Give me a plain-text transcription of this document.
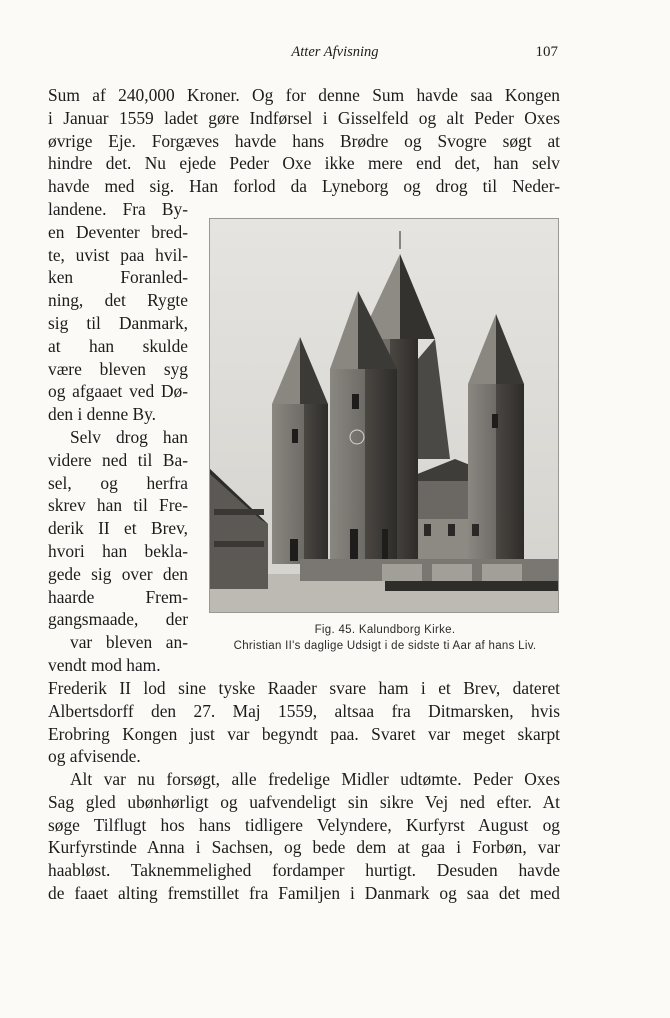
Atter Afvisning	107
Sum af 240,000 Kroner. Og for denne Sum havde saa Kongen
i Januar 1559 ladet gøre Indførsel i Gisselfeld og alt Peder Oxes
øvrige Eje. Forgæves havde hans Brødre og Svogre søgt at
hindre det. Nu ejede Peder Oxe ikke mere end det, han selv
havde med sig. Han forlod da Lyneborg og drog til Neder-
landene. Fra By-
en Deventer bred-
te, uvist paa hvil-
ken Foranled-
ning, det Rygte
sig til Danmark,
at han skulde
være bleven syg
og afgaaet ved Dø-
den i denne By.
Selv drog han
videre ned til Ba-
sel, og herfra
skrev han til Fre-
derik II et Brev,
hvori han bekla-
gede sig over den
haarde Frem-
gangsmaade, der
var bleven an-
vendt mod ham.
Fig. 45. Kalundborg Kirke.
Christian II's daglige Udsigt i de sidste ti Aar af hans Liv.
Frederik II lod sine tyske Raader svare ham i et Brev, dateret
Albertsdorff den 27. Maj 1559, altsaa fra Ditmarsken, hvis
Erobring Kongen just var begyndt paa. Svaret var meget skarpt
og afvisende.
Alt var nu forsøgt, alle fredelige Midler udtømte. Peder Oxes
Sag gled ubønhørligt og uafvendeligt sin sikre Vej ned efter. At
søge Tilflugt hos hans tidligere Velyndere, Kurfyrst August og
Kurfyrstinde Anna i Sachsen, og bede dem at gaa i Forbøn, var
haabløst. Taknemmelighed fordamper hurtigt. Desuden havde
de faaet alting fremstillet fra Familjen i Danmark og saa det med
